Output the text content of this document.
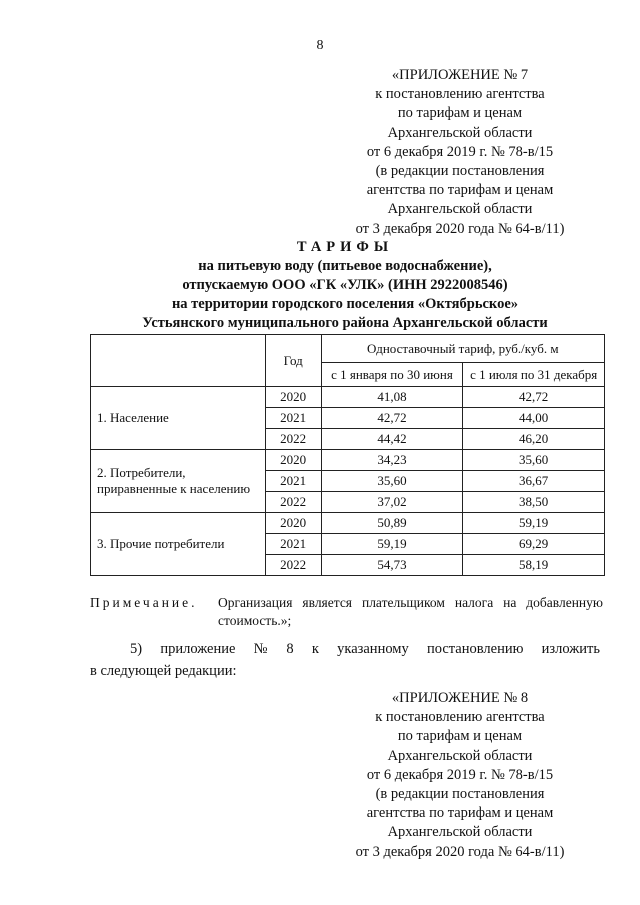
8
«ПРИЛОЖЕНИЕ № 7
к постановлению агентства
по тарифам и ценам
Архангельской области
от 6 декабря 2019 г. № 78-в/15
(в редакции постановления
агентства по тарифам и ценам
Архангельской области
от 3 декабря 2020 года № 64-в/11)
ТАРИФЫ
на питьевую воду (питьевое водоснабжение),
отпускаемую ООО «ГК «УЛК» (ИНН 2922008546)
на территории городского поселения «Октябрьское»
Устьянского муниципального района Архангельской области
	Год	Одноставочный тариф, руб./куб. м	
		с 1 января по 30 июня	с 1 июля по 31 декабря
1. Население	2020	41,08	42,72
	2021	42,72	44,00
	2022	44,42	46,20
2. Потребители,
приравненные к населению	2020	34,23	35,60
	2021	35,60	36,67
	2022	37,02	38,50
3. Прочие потребители	2020	50,89	59,19
	2021	59,19	69,29
	2022	54,73	58,19
Примечание. Организация является плательщиком налога на добавленную
стоимость.»;
5) приложение № 8 к указанному постановлению изложить
в следующей редакции:
«ПРИЛОЖЕНИЕ № 8
к постановлению агентства
по тарифам и ценам
Архангельской области
от 6 декабря 2019 г. № 78-в/15
(в редакции постановления
агентства по тарифам и ценам
Архангельской области
от 3 декабря 2020 года № 64-в/11)
